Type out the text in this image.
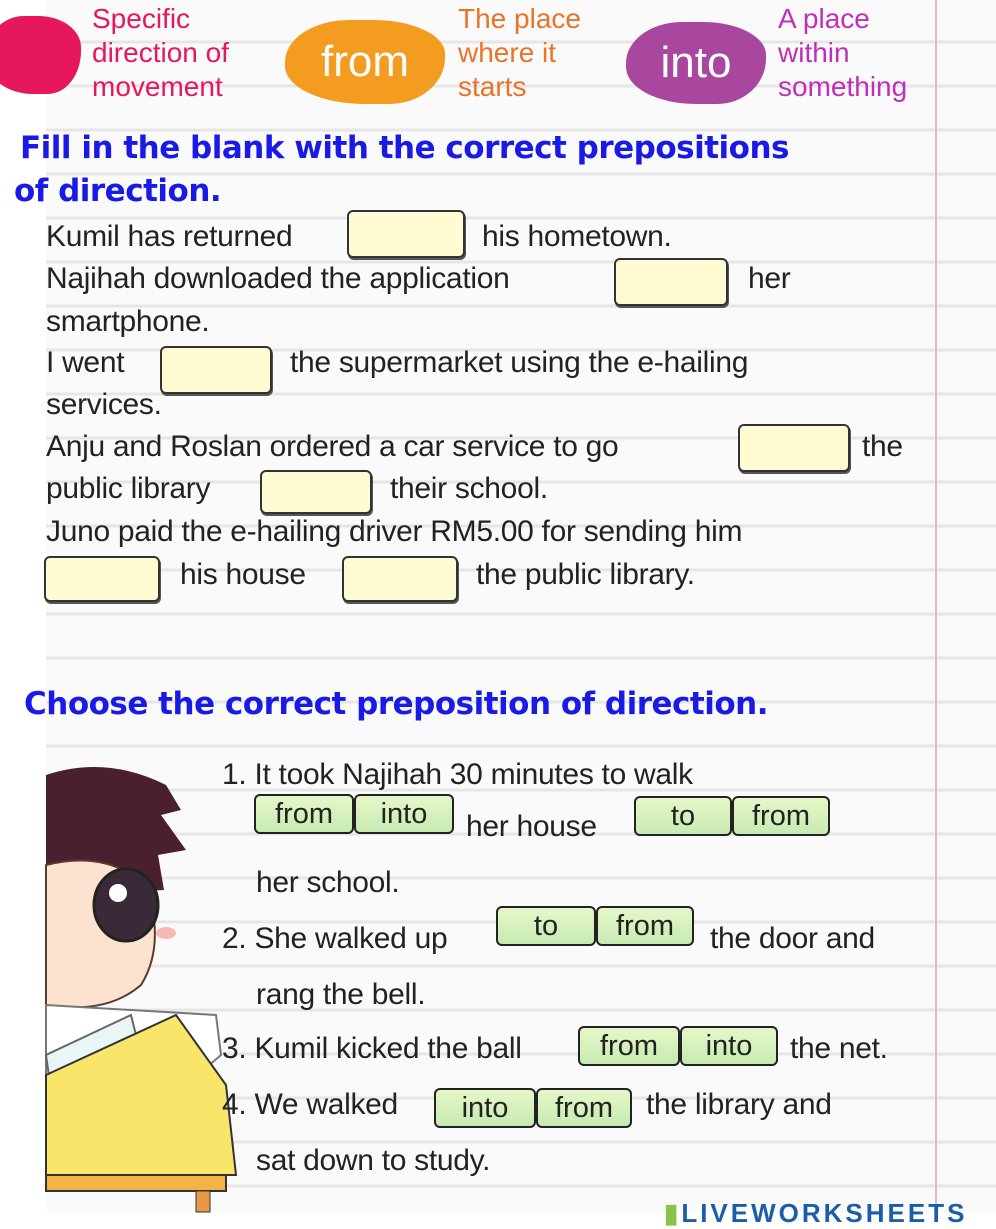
Specific
direction of
movement
from
The place
where it
starts	into
A place
within
something
Fill in the blank with the correct prepositions
of direction.
Kumil has returned	his hometown.
Najihah downloaded the application	her
smartphone.
I went	the supermarket using the e-hailing
services.
Anju and Roslan ordered a car service to go	the
public library	their school.
Juno paid the e-hailing driver RM5.00 for sending him
his house	the public library.
Choose the correct preposition of direction.
1. It took Najihah 30 minutes to walk
from	into	her house	to	from
her school.
2. She walked up	to	from	the door and
rang the bell.
3. Kumil kicked the ball	from	into	the net.
4. We walked	into	from	the library and
sat down to study.
▮LIVEWORKSHEETS
